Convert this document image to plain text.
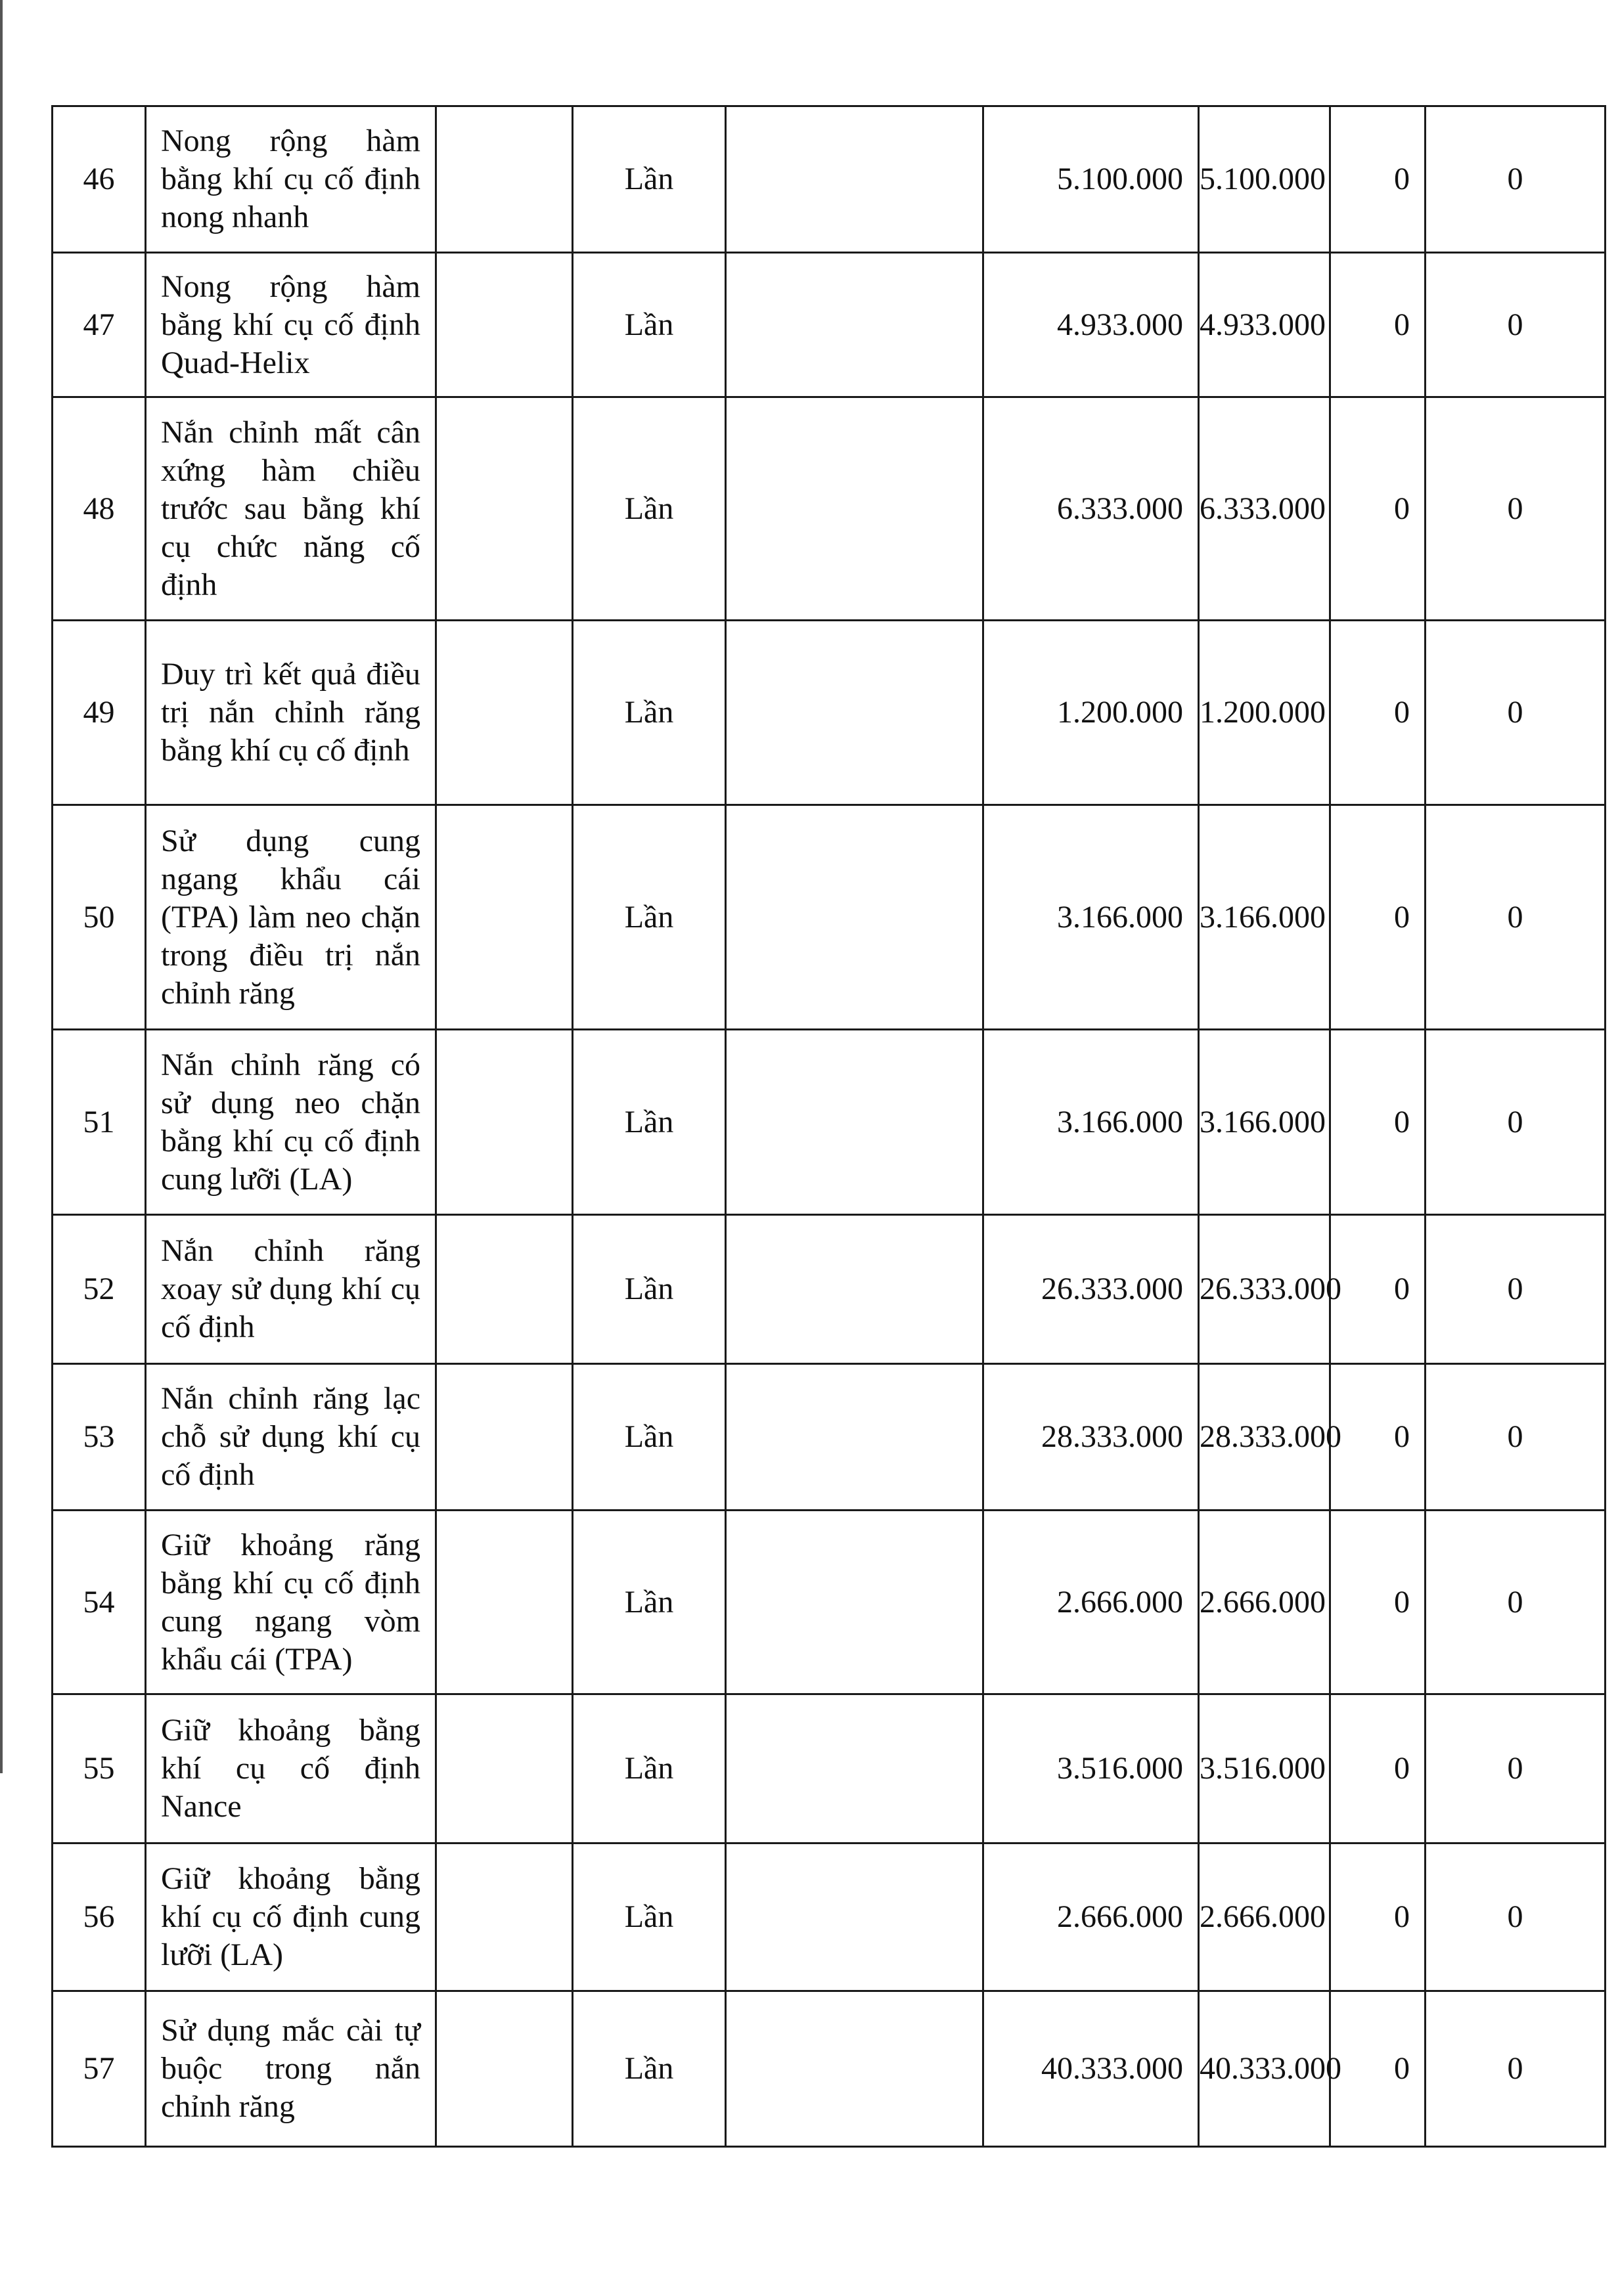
46	Nong rộng hàm bằng khí cụ cố định nong nhanh		Lần		5.100.000	5.100.000	0	0	
47	Nong rộng hàm bằng khí cụ cố định Quad-Helix		Lần		4.933.000	4.933.000	0	0	
48	Nắn chỉnh mất cân xứng hàm chiều trước sau bằng khí cụ chức năng cố định		Lần		6.333.000	6.333.000	0	0	
49	Duy trì kết quả điều trị nắn chỉnh răng bằng khí cụ cố định		Lần		1.200.000	1.200.000	0	0	
50	Sử dụng cung ngang khẩu cái (TPA) làm neo chặn trong điều trị nắn chỉnh răng		Lần		3.166.000	3.166.000	0	0	
51	Nắn chỉnh răng có sử dụng neo chặn bằng khí cụ cố định cung lưỡi (LA)		Lần		3.166.000	3.166.000	0	0	
52	Nắn chỉnh răng xoay sử dụng khí cụ cố định		Lần		26.333.000	26.333.000	0	0	
53	Nắn chỉnh răng lạc chỗ sử dụng khí cụ cố định		Lần		28.333.000	28.333.000	0	0	
54	Giữ khoảng răng bằng khí cụ cố định cung ngang vòm khẩu cái (TPA)		Lần		2.666.000	2.666.000	0	0	
55	Giữ khoảng bằng khí cụ cố định Nance		Lần		3.516.000	3.516.000	0	0	
56	Giữ khoảng bằng khí cụ cố định cung lưỡi (LA)		Lần		2.666.000	2.666.000	0	0	
57	Sử dụng mắc cài tự buộc trong nắn chỉnh răng		Lần		40.333.000	40.333.000	0	0	
